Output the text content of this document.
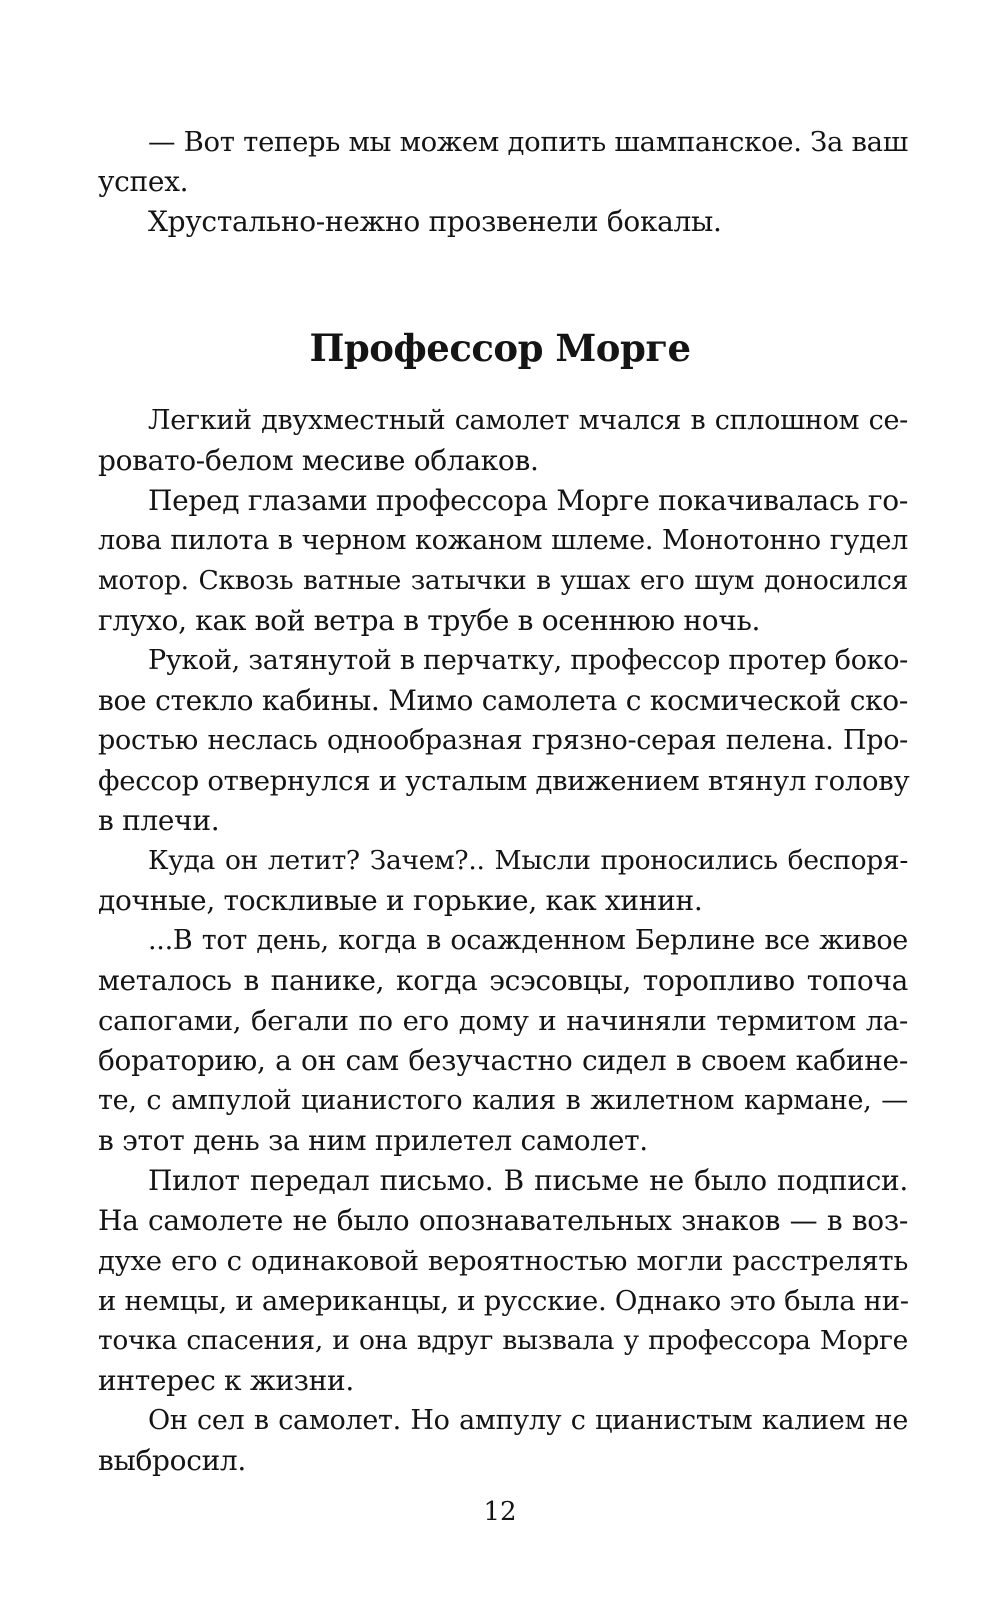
— Вот теперь мы можем допить шампанское. За ваш
успех.
Хрустально-нежно прозвенели бокалы.
Профессор Морге
Легкий двухместный самолет мчался в сплошном се-
ровато-белом месиве облаков.
Перед глазами профессора Морге покачивалась го-
лова пилота в черном кожаном шлеме. Монотонно гудел
мотор. Сквозь ватные затычки в ушах его шум доносился
глухо, как вой ветра в трубе в осеннюю ночь.
Рукой, затянутой в перчатку, профессор протер боко-
вое стекло кабины. Мимо самолета с космической ско-
ростью неслась однообразная грязно-серая пелена. Про-
фессор отвернулся и усталым движением втянул голову
в плечи.
Куда он летит? Зачем?.. Мысли проносились беспоря-
дочные, тоскливые и горькие, как хинин.
...В тот день, когда в осажденном Берлине все живое
металось в панике, когда эсэсовцы, торопливо топоча
сапогами, бегали по его дому и начиняли термитом ла-
бораторию, а он сам безучастно сидел в своем кабине-
те, с ампулой цианистого калия в жилетном кармане, —
в этот день за ним прилетел самолет.
Пилот передал письмо. В письме не было подписи.
На самолете не было опознавательных знаков — в воз-
духе его с одинаковой вероятностью могли расстрелять
и немцы, и американцы, и русские. Однако это была ни-
точка спасения, и она вдруг вызвала у профессора Морге
интерес к жизни.
Он сел в самолет. Но ампулу с цианистым калием не
выбросил.
12
